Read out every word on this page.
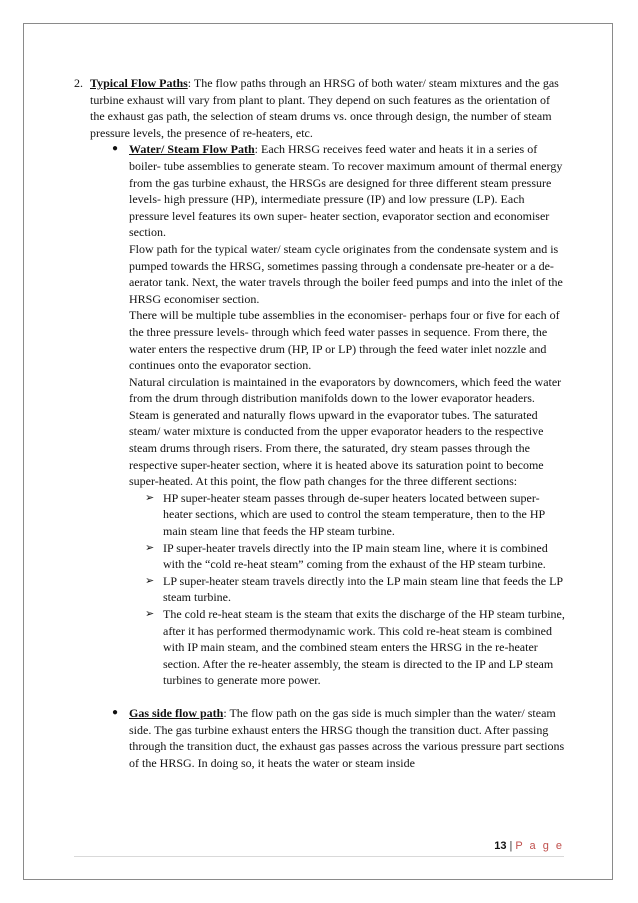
2. Typical Flow Paths: The flow paths through an HRSG of both water/ steam mixtures and the gas turbine exhaust will vary from plant to plant. They depend on such features as the orientation of the exhaust gas path, the selection of steam drums vs. once through design, the number of steam pressure levels, the presence of re-heaters, etc.

● Water/ Steam Flow Path: Each HRSG receives feed water and heats it in a series of boiler- tube assemblies to generate steam. To recover maximum amount of thermal energy from the gas turbine exhaust, the HRSGs are designed for three different steam pressure levels- high pressure (HP), intermediate pressure (IP) and low pressure (LP). Each pressure level features its own super- heater section, evaporator section and economiser section.

Flow path for the typical water/ steam cycle originates from the condensate system and is pumped towards the HRSG, sometimes passing through a condensate pre-heater or a de-aerator tank. Next, the water travels through the boiler feed pumps and into the inlet of the HRSG economiser section.

There will be multiple tube assemblies in the economiser- perhaps four or five for each of the three pressure levels- through which feed water passes in sequence. From there, the water enters the respective drum (HP, IP or LP) through the feed water inlet nozzle and continues onto the evaporator section.

Natural circulation is maintained in the evaporators by downcomers, which feed the water from the drum through distribution manifolds down to the lower evaporator headers. Steam is generated and naturally flows upward in the evaporator tubes. The saturated steam/ water mixture is conducted from the upper evaporator headers to the respective steam drums through risers. From there, the saturated, dry steam passes through the respective super-heater section, where it is heated above its saturation point to become super-heated. At this point, the flow path changes for the three different sections:

➢ HP super-heater steam passes through de-super heaters located between super-heater sections, which are used to control the steam temperature, then to the HP main steam line that feeds the HP steam turbine.

➢ IP super-heater travels directly into the IP main steam line, where it is combined with the “cold re-heat steam” coming from the exhaust of the HP steam turbine.

➢ LP super-heater steam travels directly into the LP main steam line that feeds the LP steam turbine.

➢ The cold re-heat steam is the steam that exits the discharge of the HP steam turbine, after it has performed thermodynamic work. This cold re-heat steam is combined with IP main steam, and the combined steam enters the HRSG in the re-heater section. After the re-heater assembly, the steam is directed to the IP and LP steam turbines to generate more power.

● Gas side flow path: The flow path on the gas side is much simpler than the water/ steam side. The gas turbine exhaust enters the HRSG though the transition duct. After passing through the transition duct, the exhaust gas passes across the various pressure part sections of the HRSG. In doing so, it heats the water or steam inside

13 | P a g e
